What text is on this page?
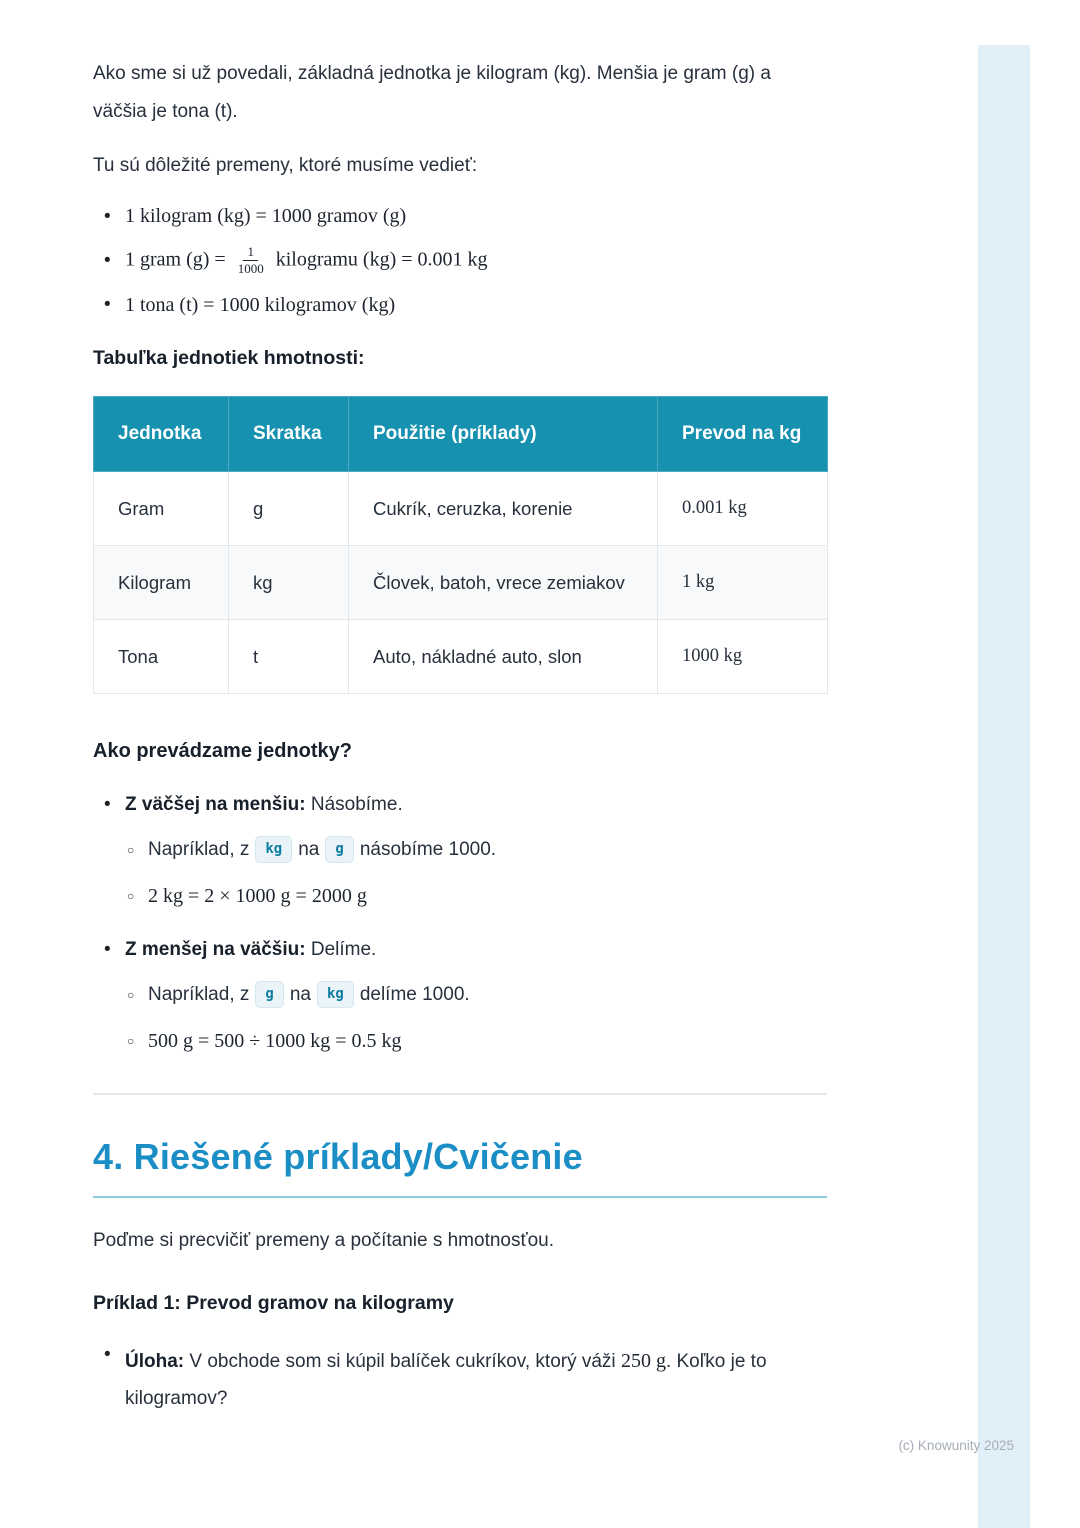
Ako sme si už povedali, základná jednotka je kilogram (kg). Menšia je gram (g) a väčšia je tona (t).

Tu sú dôležité premeny, ktoré musíme vedieť:

• 1 kilogram (kg) = 1000 gramov (g)
• 1 gram $(g) = \frac{1}{1000}$ kilogramu (kg) = 0.001 kg
• 1 tona (t) = 1000 kilogramov (kg)
Tabuľka jednotiek hmotnosti:
Jednotka	Skratka	Použitie (príklady)	Prevod na kg
Gram	g	Cukrík, ceruzka, korenie	0.001 kg
Kilogram	kg	Človek, batoh, vrece zemiakov	1 kg
Tona	t	Auto, nákladné auto, slon	1000 kg
Ako prevádzame jednotky?
• Z väčšej na menšiu: Násobíme.
○ Napríklad, z kg na g násobíme 1000.
○ 2 kg = 2 × 1000 g = 2000 g
• Z menšej na väčšiu: Delíme.
○ Napríklad, z g na kg delíme 1000.
○ 500 g = 500 ÷ 1000 kg = 0.5 kg
4. Riešené príklady/Cvičenie

Poďme si precvičiť premeny a počítanie s hmotnosťou.

Príklad 1: Prevod gramov na kilogramy
• Úloha: V obchode som si kúpil balíček cukríkov, ktorý váži 250 g. Koľko je to kilogramov?
(c) Knowunity 2025
